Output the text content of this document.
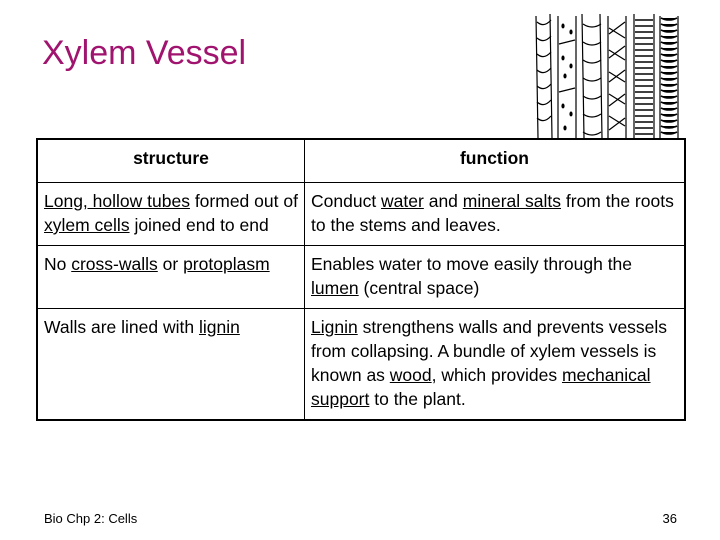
Xylem Vessel
structure	function

Long, hollow tubes formed out of xylem cells joined end to end	Conduct water and mineral salts from the roots to the stems and leaves.

No cross-walls or protoplasm	Enables water to move easily through the lumen (central space)

Walls are lined with lignin	Lignin strengthens walls and prevents vessels from collapsing. A bundle of xylem vessels is known as wood, which provides mechanical support to the plant.
Bio Chp 2: Cells	36
